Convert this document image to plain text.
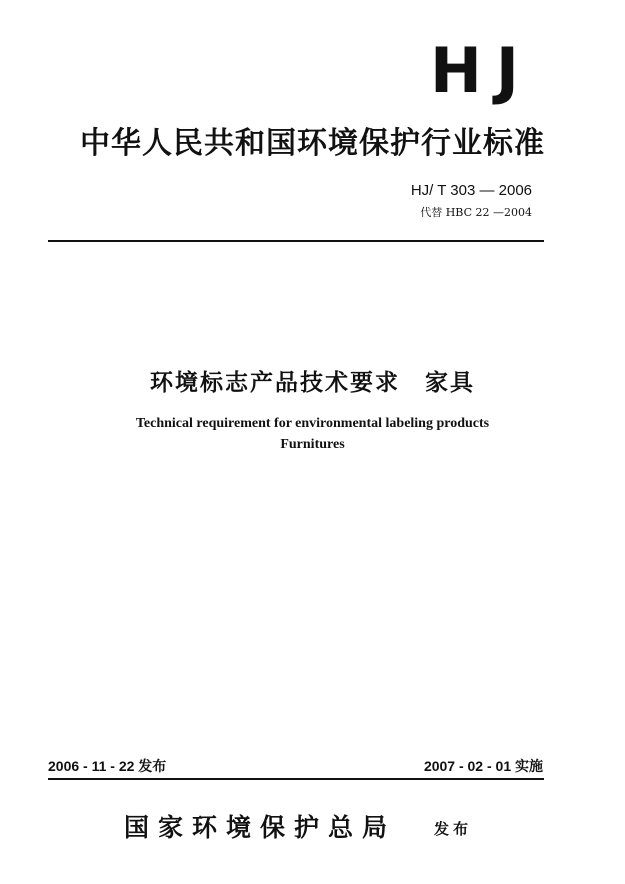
HJ
中华人民共和国环境保护行业标准
HJ/ T 303 — 2006
代替 HBC 22 —2004
环境标志产品技术要求　家具
Technical requirement for environmental labeling products
Furnitures
2006 - 11 - 22 发布	2007 - 02 - 01 实施
国家环境保护总局	发布
